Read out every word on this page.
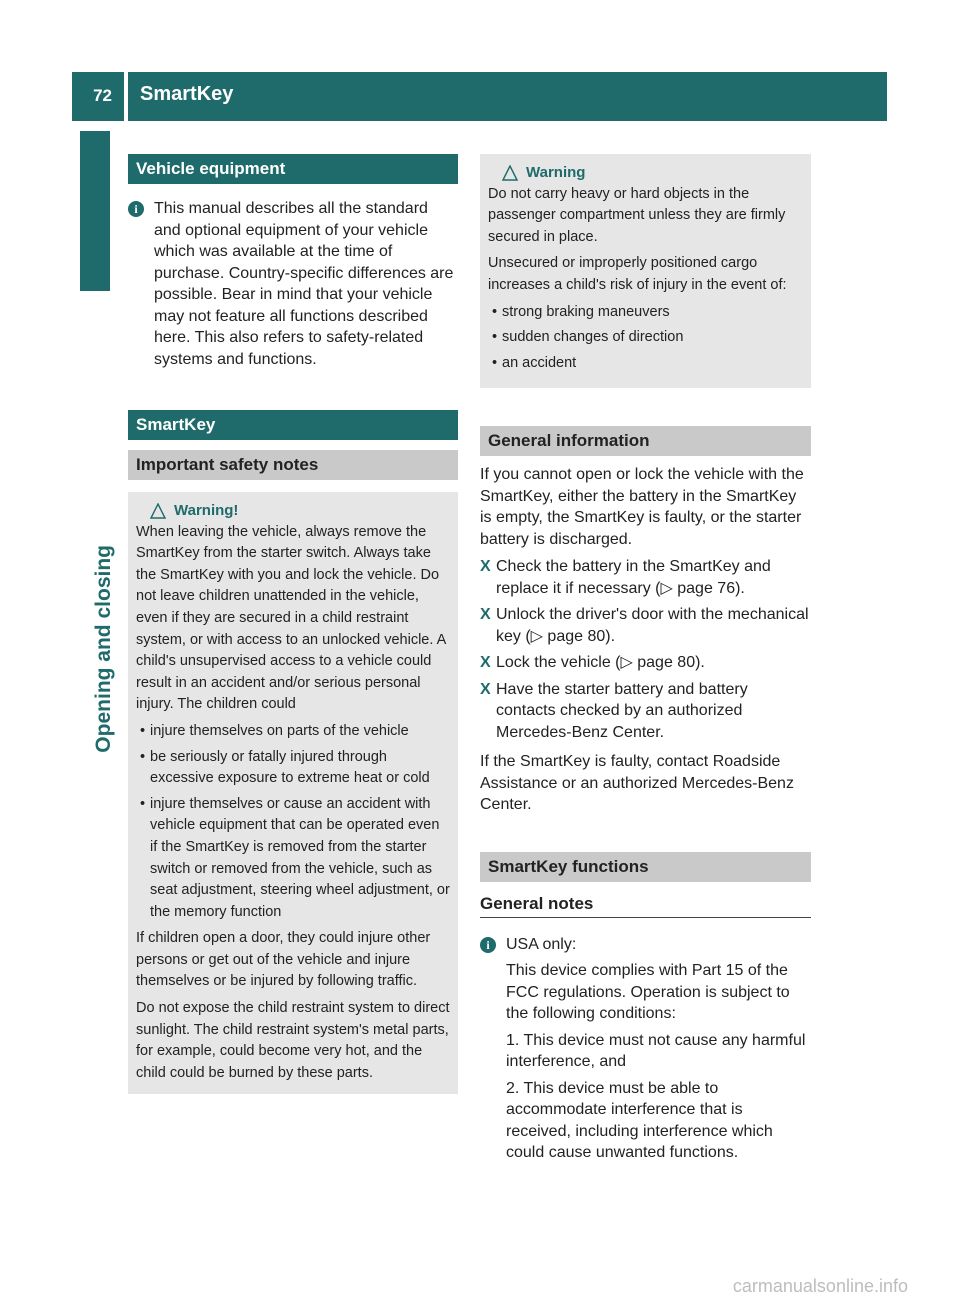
72 SmartKey
Opening and closing
Vehicle equipment
i	This manual describes all the standard and optional equipment of your vehicle which was available at the time of purchase. Country-specific differences are possible. Bear in mind that your vehicle may not feature all functions described here. This also refers to safety-related systems and functions.
SmartKey
Important safety notes
Warning!

When leaving the vehicle, always remove the SmartKey from the starter switch. Always take the SmartKey with you and lock the vehicle. Do not leave children unattended in the vehicle, even if they are secured in a child restraint system, or with access to an unlocked vehicle. A child's unsupervised access to a vehicle could result in an accident and/or serious personal injury. The children could

• injure themselves on parts of the vehicle
• be seriously or fatally injured through excessive exposure to extreme heat or cold
• injure themselves or cause an accident with vehicle equipment that can be operated even if the SmartKey is removed from the starter switch or removed from the vehicle, such as seat adjustment, steering wheel adjustment, or the memory function

If children open a door, they could injure other persons or get out of the vehicle and injure themselves or be injured by following traffic.

Do not expose the child restraint system to direct sunlight. The child restraint system's metal parts, for example, could become very hot, and the child could be burned by these parts.

Warning

Do not carry heavy or hard objects in the passenger compartment unless they are firmly secured in place.

Unsecured or improperly positioned cargo increases a child's risk of injury in the event of:

• strong braking maneuvers
• sudden changes of direction
• an accident
General information

If you cannot open or lock the vehicle with the SmartKey, either the battery in the SmartKey is empty, the SmartKey is faulty, or the starter battery is discharged.

X Check the battery in the SmartKey and replace it if necessary (▷ page 76).
X Unlock the driver's door with the mechanical key (▷ page 80).
X Lock the vehicle (▷ page 80).
X Have the starter battery and battery contacts checked by an authorized Mercedes-Benz Center.

If the SmartKey is faulty, contact Roadside Assistance or an authorized Mercedes-Benz Center.

SmartKey functions
General notes
i	USA only:

This device complies with Part 15 of the FCC regulations. Operation is subject to the following conditions:

1. This device must not cause any harmful interference, and

2. This device must be able to accommodate interference that is received, including interference which could cause unwanted functions.

carmanualsonline.info
